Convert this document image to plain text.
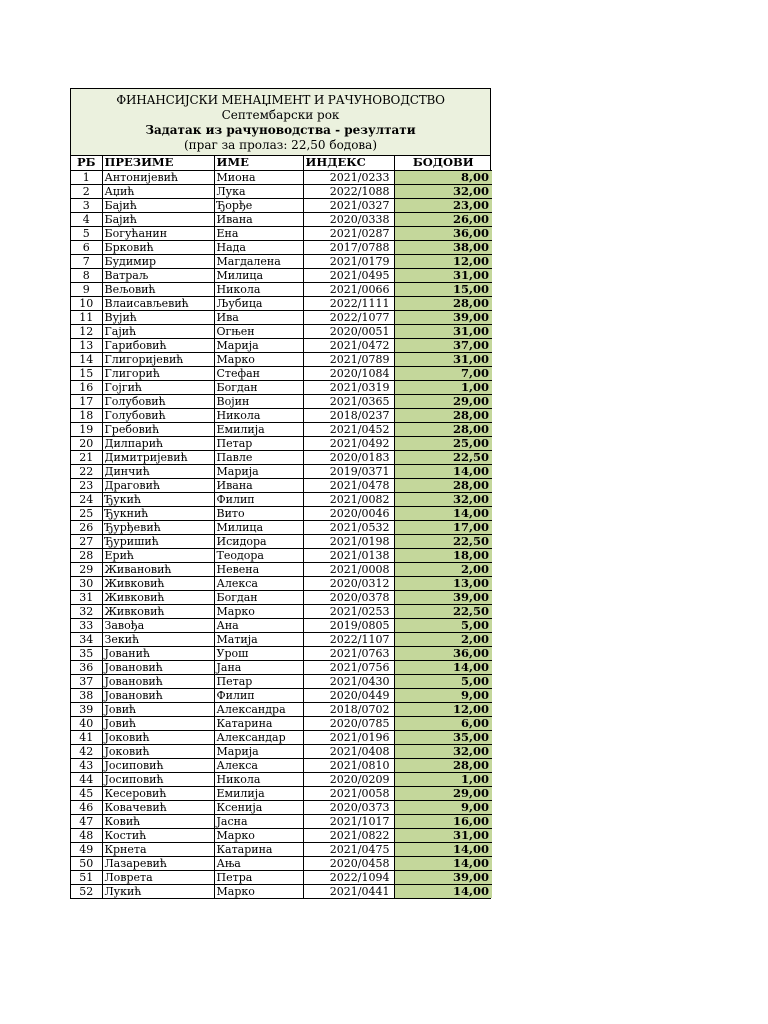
ФИНАНСИЈСКИ МЕНАЏМЕНТ И РАЧУНОВОДСТВО
Септембарски рок
Задатак из рачуноводства - резултати
(праг за пролаз: 22,50 бодова)
РБ	ПРЕЗИМЕ	ИМЕ	ИНДЕКС	БОДОВИ
1	Антонијевић	Миона	2021/0233	8,00
2	Аџић	Лука	2022/1088	32,00
3	Бајић	Ђорђе	2021/0327	23,00
4	Бајић	Ивана	2020/0338	26,00
5	Богућанин	Ена	2021/0287	36,00
6	Брковић	Нада	2017/0788	38,00
7	Будимир	Магдалена	2021/0179	12,00
8	Ватраљ	Милица	2021/0495	31,00
9	Вељовић	Никола	2021/0066	15,00
10	Влаисављевић	Љубица	2022/1111	28,00
11	Вујић	Ива	2022/1077	39,00
12	Гајић	Огњен	2020/0051	31,00
13	Гарибовић	Марија	2021/0472	37,00
14	Глигоријевић	Марко	2021/0789	31,00
15	Глигорић	Стефан	2020/1084	7,00
16	Гојгић	Богдан	2021/0319	1,00
17	Голубовић	Војин	2021/0365	29,00
18	Голубовић	Никола	2018/0237	28,00
19	Гребовић	Емилија	2021/0452	28,00
20	Дилпарић	Петар	2021/0492	25,00
21	Димитријевић	Павле	2020/0183	22,50
22	Динчић	Марија	2019/0371	14,00
23	Драговић	Ивана	2021/0478	28,00
24	Ђукић	Филип	2021/0082	32,00
25	Ђукнић	Вито	2020/0046	14,00
26	Ђурђевић	Милица	2021/0532	17,00
27	Ђуришић	Исидора	2021/0198	22,50
28	Ерић	Теодора	2021/0138	18,00
29	Живановић	Невена	2021/0008	2,00
30	Живковић	Алекса	2020/0312	13,00
31	Живковић	Богдан	2020/0378	39,00
32	Живковић	Марко	2021/0253	22,50
33	Завођа	Ана	2019/0805	5,00
34	Зекић	Матија	2022/1107	2,00
35	Јованић	Урош	2021/0763	36,00
36	Јовановић	Јана	2021/0756	14,00
37	Јовановић	Петар	2021/0430	5,00
38	Јовановић	Филип	2020/0449	9,00
39	Јовић	Александра	2018/0702	12,00
40	Јовић	Катарина	2020/0785	6,00
41	Јоковић	Александар	2021/0196	35,00
42	Јоковић	Марија	2021/0408	32,00
43	Јосиповић	Алекса	2021/0810	28,00
44	Јосиповић	Никола	2020/0209	1,00
45	Кесеровић	Емилија	2021/0058	29,00
46	Ковачевић	Ксенија	2020/0373	9,00
47	Ковић	Јасна	2021/1017	16,00
48	Костић	Марко	2021/0822	31,00
49	Крнета	Катарина	2021/0475	14,00
50	Лазаревић	Ања	2020/0458	14,00
51	Ловрета	Петра	2022/1094	39,00
52	Лукић	Марко	2021/0441	14,00
